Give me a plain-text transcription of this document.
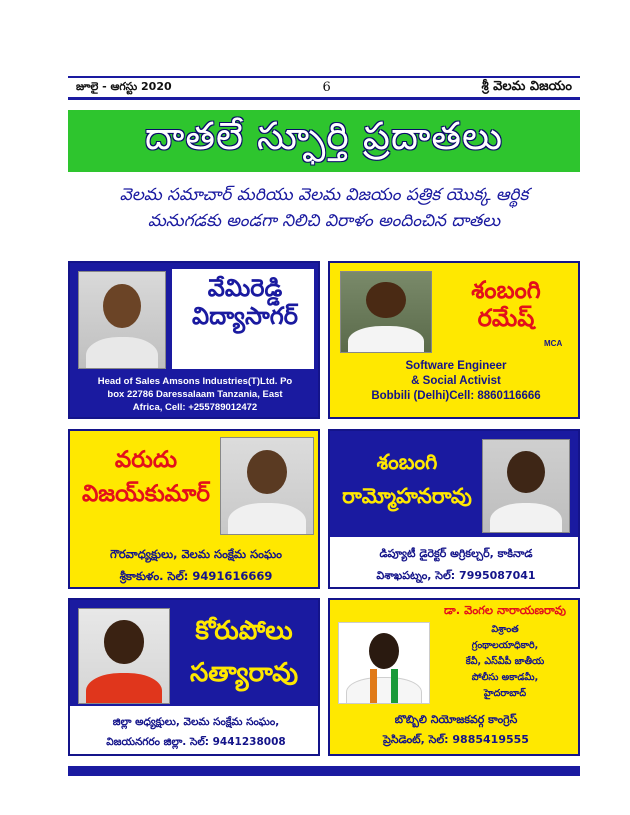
జూలై - ఆగస్టు 2020	6	శ్రీ వెలమ విజయం
దాతలే స్ఫూర్తి ప్రదాతలు
వెలమ సమాచార్ మరియు వెలమ విజయం పత్రిక యొక్క ఆర్థిక
మనుగడకు అండగా నిలిచి విరాళం అందించిన దాతలు
వేమిరెడ్డి
విద్యాసాగర్
Head of Sales Amsons Industries(T)Ltd. Po
box 22786 Daressalaam Tanzania, East
Africa, Cell: +255789012472
శంబంగి
రమేష్
MCA
Software Engineer
& Social Activist
Bobbili (Delhi)Cell: 8860116666
వరుదు
విజయ్‌కుమార్
గౌరవాధ్యక్షులు, వెలమ సంక్షేమ సంఘం
శ్రీకాకుళం. సెల్: 9491616669
శంబంగి
రామ్మోహనరావు
డిప్యూటీ డైరెక్టర్ అగ్రికల్చర్, కాకినాడ
విశాఖపట్నం, సెల్: 7995087041
కోరుపోలు
సత్యారావు
జిల్లా అధ్యక్షులు, వెలమ సంక్షేమ సంఘం,
విజయనగరం జిల్లా. సెల్: 9441238008
డా. వెంగల నారాయణరావు
విశ్రాంత
గ్రంథాలయాధికారి,
కేవీ, ఎస్‌వీపీ జాతీయ
పోలీసు అకాడమీ,
హైదరాబాద్
బొబ్బిలి నియోజకవర్గ కాంగ్రెస్
ప్రెసిడెంట్, సెల్: 9885419555
